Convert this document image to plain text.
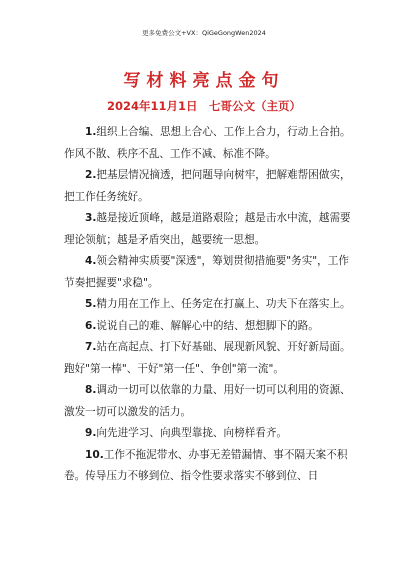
更多免费公文+VX：QiGeGongWen2024
写材料亮点金句
2024年11月1日　七哥公文（主页）

1.组织上合编、思想上合心、工作上合力，行动上合拍。作风不散、秩序不乱、工作不减、标准不降。

2.把基层情况摘透，把问题导向树牢，把解难帮困做实，把工作任务统好。

3.越是接近顶峰，越是道路艰险；越是击水中流，越需要理论领航；越是矛盾突出，越要统一思想。

4.领会精神实质要"深透"，筹划贯彻措施要"务实"，工作节奏把握要"求稳"。

5.精力用在工作上、任务定在打赢上、功夫下在落实上。

6.说说自己的难、解解心中的结、想想脚下的路。

7.站在高起点、打下好基础、展现新风貌、开好新局面。跑好"第一棒"、干好"第一任"、争创"第一流"。

8.调动一切可以依靠的力量、用好一切可以利用的资源、激发一切可以激发的活力。

9.向先进学习、向典型靠拢、向榜样看齐。

10.工作不拖泥带水、办事无差错漏情、事不隔天案不积卷。传导压力不够到位、指令性要求落实不够到位、日
